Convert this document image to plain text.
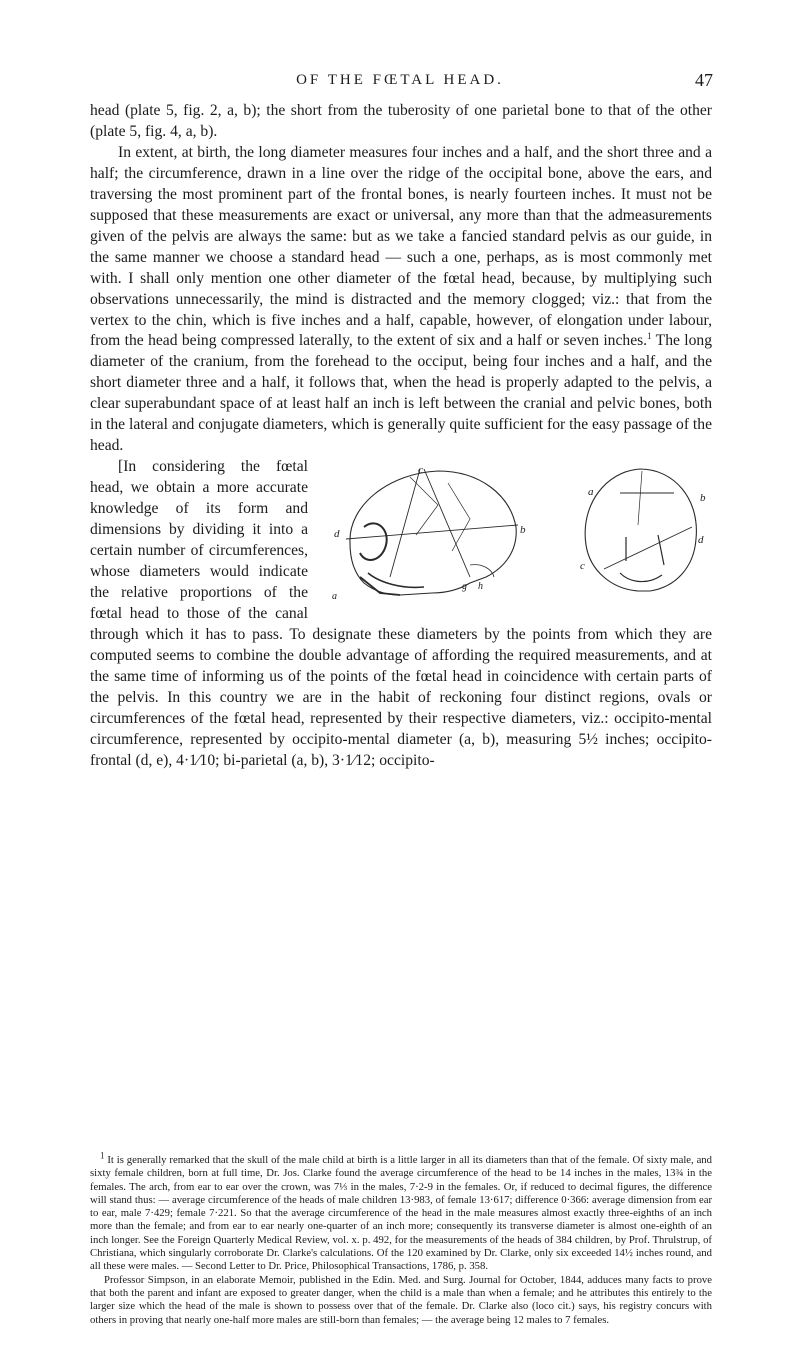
OF THE FŒTAL HEAD.	47

head (plate 5, fig. 2, a, b); the short from the tuberosity of one parietal bone to that of the other (plate 5, fig. 4, a, b).

In extent, at birth, the long diameter measures four inches and a half, and the short three and a half; the circumference, drawn in a line over the ridge of the occipital bone, above the ears, and traversing the most prominent part of the frontal bones, is nearly fourteen inches. It must not be supposed that these measurements are exact or universal, any more than that the admeasurements given of the pelvis are always the same: but as we take a fancied standard pelvis as our guide, in the same manner we choose a standard head — such a one, perhaps, as is most commonly met with. I shall only mention one other diameter of the fœtal head, because, by multiplying such observations unnecessarily, the mind is distracted and the memory clogged; viz.: that from the vertex to the chin, which is five inches and a half, capable, however, of elongation under labour, from the head being compressed laterally, to the extent of six and a half or seven inches.$^1$ The long diameter of the cranium, from the forehead to the occiput, being four inches and a half, and the short diameter three and a half, it follows that, when the head is properly adapted to the pelvis, a clear superabundant space of at least half an inch is left between the cranial and pelvic bones, both in the lateral and conjugate diameters, which is generally quite sufficient for the easy passage of the head.

c
d	b
g h
a
a	b
c
d
[In considering the fœtal head, we obtain a more accurate knowledge of its form and dimensions by dividing it into a certain number of circumferences, whose diameters would indicate the relative proportions of the fœtal head to those of the canal through which it has to pass. To designate these diameters by the points from which they are computed seems to combine the double advantage of affording the required measurements, and at the same time of informing us of the points of the fœtal head in coincidence with certain parts of the pelvis. In this country we are in the habit of reckoning four distinct regions, ovals or circumferences of the fœtal head, represented by their respective diameters, viz.: occipito-mental circumference, represented by occipito-mental diameter (a, b), measuring 5½ inches; occipito-frontal (d, e), 4·1⁄10; bi-parietal (a, b), 3·1⁄12; occipito-

$^1$ It is generally remarked that the skull of the male child at birth is a little larger in all its diameters than that of the female. Of sixty male, and sixty female children, born at full time, Dr. Jos. Clarke found the average circumference of the head to be 14 inches in the males, 13¾ in the females. The arch, from ear to ear over the crown, was 7⅓ in the males, 7·2-9 in the females. Or, if reduced to decimal figures, the difference will stand thus: — average circumference of the heads of male children 13·983, of female 13·617; difference 0·366: average dimension from ear to ear, male 7·429; female 7·221. So that the average circumference of the head in the male measures almost exactly three-eighths of an inch more than the female; and from ear to ear nearly one-quarter of an inch more; consequently its transverse diameter is almost one-eighth of an inch longer. See the Foreign Quarterly Medical Review, vol. x. p. 492, for the measurements of the heads of 384 children, by Prof. Thrulstrup, of Christiana, which singularly corroborate Dr. Clarke's calculations. Of the 120 examined by Dr. Clarke, only six exceeded 14½ inches round, and all these were males. — Second Letter to Dr. Price, Philosophical Transactions, 1786, p. 358.

Professor Simpson, in an elaborate Memoir, published in the Edin. Med. and Surg. Journal for October, 1844, adduces many facts to prove that both the parent and infant are exposed to greater danger, when the child is a male than when a female; and he attributes this entirely to the larger size which the head of the male is shown to possess over that of the female. Dr. Clarke also (loco cit.) says, his registry concurs with others in proving that nearly one-half more males are still-born than females; — the average being 12 males to 7 females.
